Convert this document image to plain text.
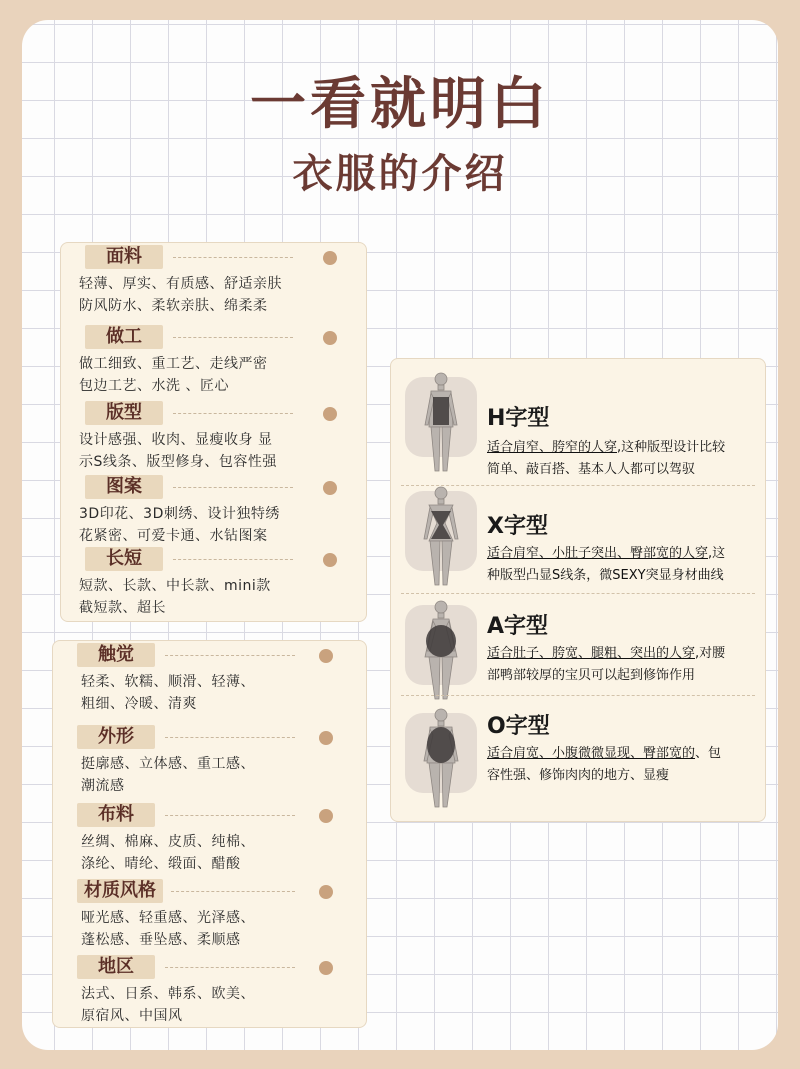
一看就明白
衣服的介绍
面料
轻薄、厚实、有质感、舒适亲肤
防风防水、柔软亲肤、绵柔柔
做工
做工细致、重工艺、走线严密
包边工艺、水洗 、匠心
版型
设计感强、收肉、显瘦收身 显
示S线条、版型修身、包容性强
图案
3D印花、3D刺绣、设计独特绣
花紧密、可爱卡通、水钻图案
长短
短款、长款、中长款、mini款
截短款、超长
触觉
轻柔、软糯、顺滑、轻薄、
粗细、冷暖、清爽
外形
挺廓感、立体感、重工感、
潮流感
布料
丝绸、棉麻、皮质、纯棉、
涤纶、晴纶、缎面、醋酸
材质风格
哑光感、轻重感、光泽感、
蓬松感、垂坠感、柔顺感
地区
法式、日系、韩系、欧美、
原宿风、中国风
H字型
适合肩窄、胯窄的人穿,这种版型设计比较
简单、敲百搭、基本人人都可以驾驭
X字型
适合肩窄、小肚子突出、臀部宽的人穿,这
种版型凸显S线条，微SEXY突显身材曲线
A字型
适合肚子、胯宽、腿粗、突出的人穿,对腰
部鸭部较厚的宝贝可以起到修饰作用
O字型
适合肩宽、小腹微微显现、臀部宽的、包
容性强、修饰肉肉的地方、显瘦
